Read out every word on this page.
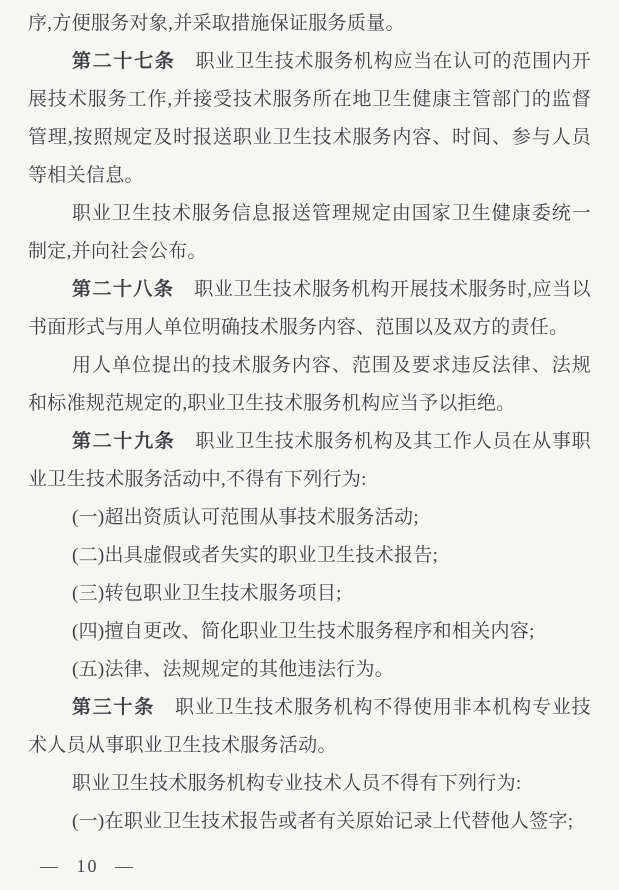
序,方便服务对象,并采取措施保证服务质量。

第二十七条 职业卫生技术服务机构应当在认可的范围内开展技术服务工作,并接受技术服务所在地卫生健康主管部门的监督管理,按照规定及时报送职业卫生技术服务内容、时间、参与人员等相关信息。

职业卫生技术服务信息报送管理规定由国家卫生健康委统一制定,并向社会公布。

第二十八条 职业卫生技术服务机构开展技术服务时,应当以书面形式与用人单位明确技术服务内容、范围以及双方的责任。

用人单位提出的技术服务内容、范围及要求违反法律、法规和标准规范规定的,职业卫生技术服务机构应当予以拒绝。

第二十九条 职业卫生技术服务机构及其工作人员在从事职业卫生技术服务活动中,不得有下列行为:

(一)超出资质认可范围从事技术服务活动;

(二)出具虚假或者失实的职业卫生技术报告;

(三)转包职业卫生技术服务项目;

(四)擅自更改、简化职业卫生技术服务程序和相关内容;

(五)法律、法规规定的其他违法行为。

第三十条 职业卫生技术服务机构不得使用非本机构专业技术人员从事职业卫生技术服务活动。

职业卫生技术服务机构专业技术人员不得有下列行为:

(一)在职业卫生技术报告或者有关原始记录上代替他人签字;

— 10 —
